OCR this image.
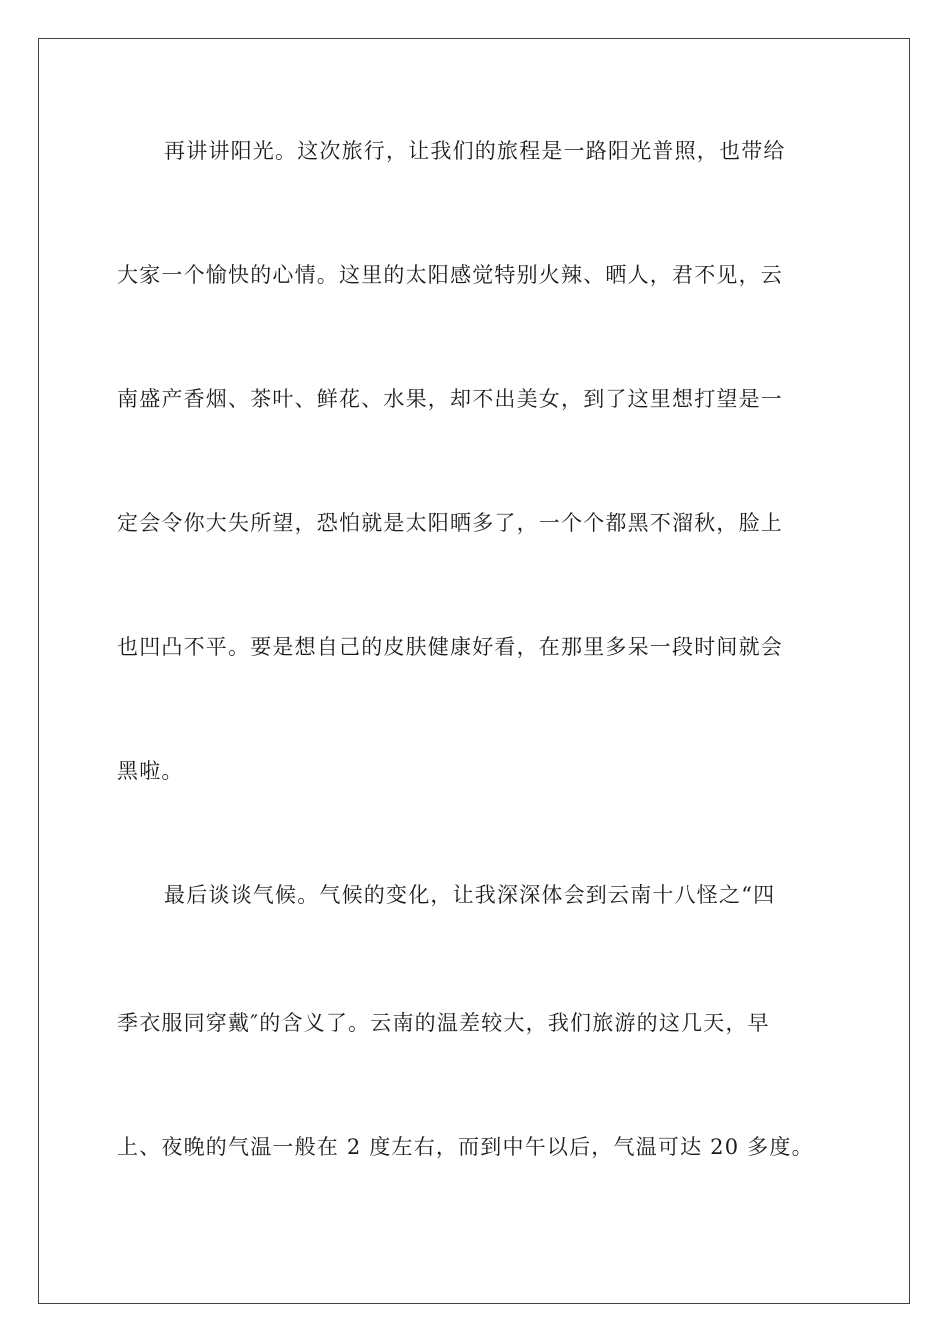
再讲讲阳光。这次旅行，让我们的旅程是一路阳光普照，也带给
大家一个愉快的心情。这里的太阳感觉特别火辣、晒人，君不见，云
南盛产香烟、茶叶、鲜花、水果，却不出美女，到了这里想打望是一
定会令你大失所望，恐怕就是太阳晒多了，一个个都黑不溜秋，脸上
也凹凸不平。要是想自己的皮肤健康好看，在那里多呆一段时间就会
黑啦。
最后谈谈气候。气候的变化，让我深深体会到云南十八怪之“四
季衣服同穿戴″的含义了。云南的温差较大，我们旅游的这几天，早
上、夜晚的气温一般在 2 度左右，而到中午以后，气温可达 20 多度。
